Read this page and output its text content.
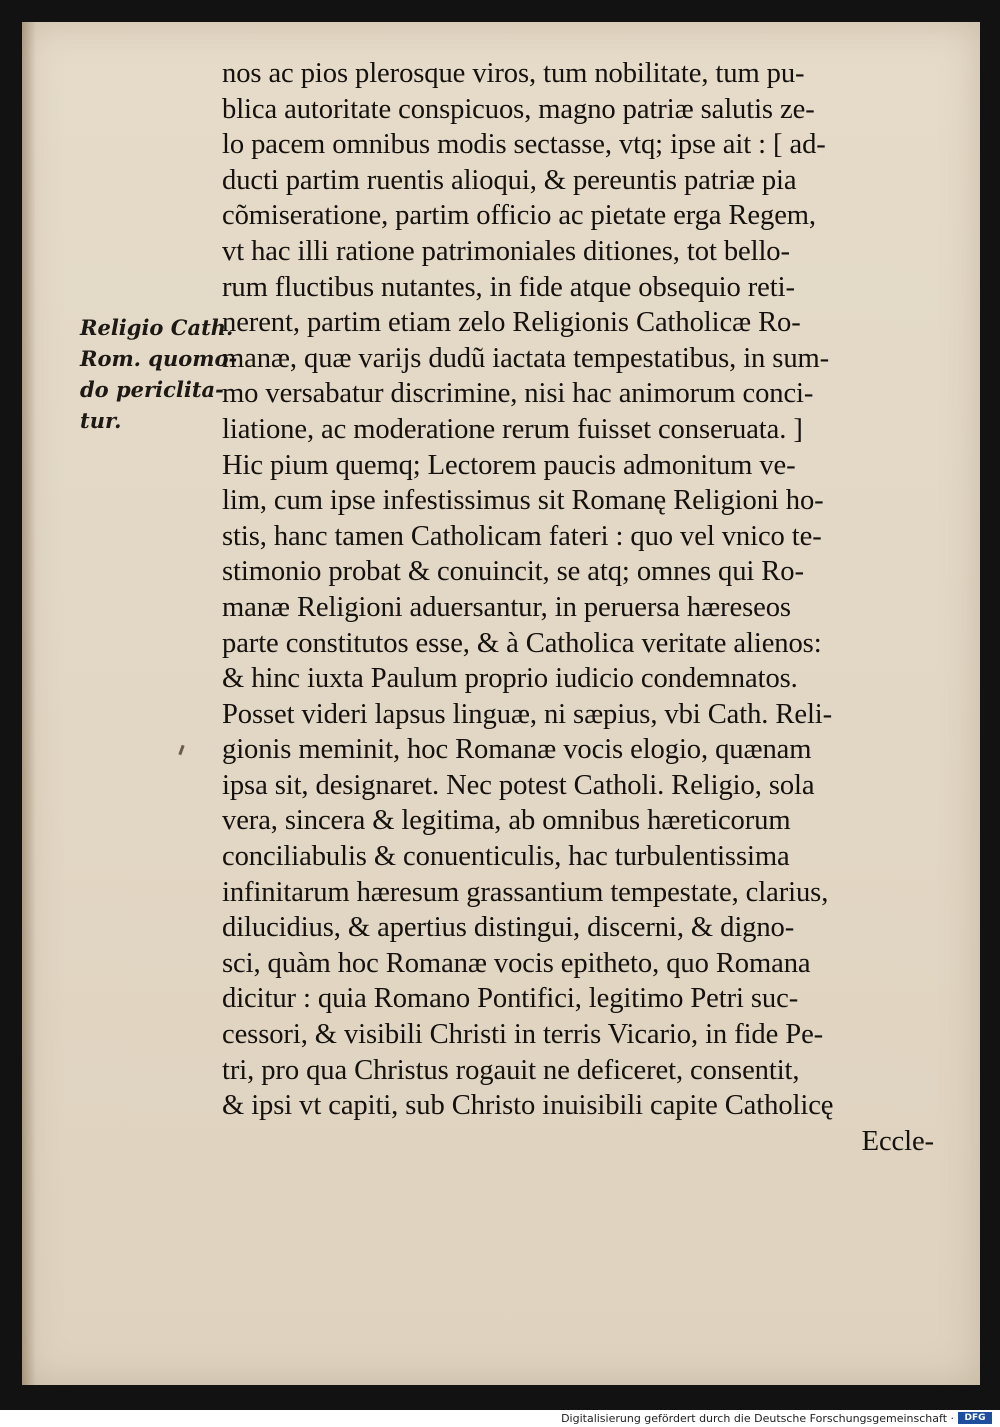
Religio Cath.
Rom. quomo-
do periclita-
tur.
nos ac pios plerosque viros, tum nobilitate, tum pu-
blica autoritate conspicuos, magno patriæ salutis ze-
lo pacem omnibus modis sectasse, vtq; ipse ait : [ ad-
ducti partim ruentis alioqui, & pereuntis patriæ pia
cõmiseratione, partim officio ac pietate erga Regem,
vt hac illi ratione patrimoniales ditiones, tot bello-
rum fluctibus nutantes, in fide atque obsequio reti-
nerent, partim etiam zelo Religionis Catholicæ Ro-
manæ, quæ varijs dudũ iactata tempestatibus, in sum-
mo versabatur discrimine, nisi hac animorum conci-
liatione, ac moderatione rerum fuisset conseruata. ]
Hic pium quemq; Lectorem paucis admonitum ve-
lim, cum ipse infestissimus sit Romanę Religioni ho-
stis, hanc tamen Catholicam fateri : quo vel vnico te-
stimonio probat & conuincit, se atq; omnes qui Ro-
manæ Religioni aduersantur, in peruersa hæreseos
parte constitutos esse, & à Catholica veritate alienos:
& hinc iuxta Paulum proprio iudicio condemnatos.
Posset videri lapsus linguæ, ni sæpius, vbi Cath. Reli-
gionis meminit, hoc Romanæ vocis elogio, quænam
ipsa sit, designaret. Nec potest Catholi. Religio, sola
vera, sincera & legitima, ab omnibus hæreticorum
conciliabulis & conuenticulis, hac turbulentissima
infinitarum hæresum grassantium tempestate, clarius,
dilucidius, & apertius distingui, discerni, & digno-
sci, quàm hoc Romanæ vocis epitheto, quo Romana
dicitur : quia Romano Pontifici, legitimo Petri suc-
cessori, & visibili Christi in terris Vicario, in fide Pe-
tri, pro qua Christus rogauit ne deficeret, consentit,
& ipsi vt capiti, sub Christo inuisibili capite Catholicę
Eccle-
Digitalisierung gefördert durch die Deutsche Forschungsgemeinschaft ·	DFG
